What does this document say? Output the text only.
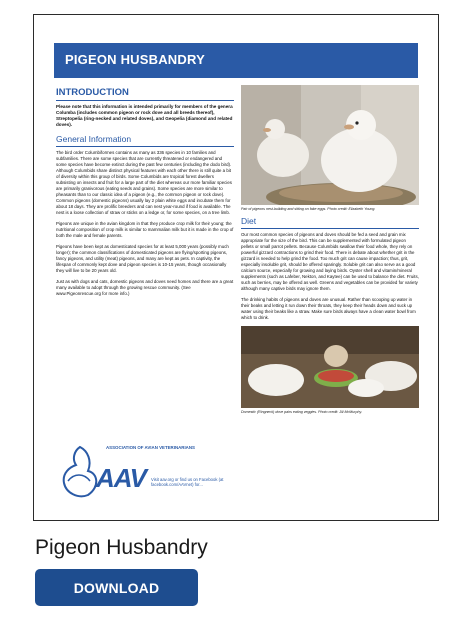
PIGEON HUSBANDRY
INTRODUCTION

Please note that this information is intended primarily for members of the genera Columba (includes common pigeon or rock dove and all breeds thereof), Streptopelia (ring-necked and related doves), and Geopelia (diamond and related doves).

General Information

The bird order Columbiformes contains as many as 336 species in 10 families and subfamilies. There are some species that are currently threatened or endangered and some species have become extinct during the past few centuries (including the dodo bird). Although Columbids share distinct physical features with each other there is still quite a bit of diversity within this group of birds. Some Columbids are tropical forest dwellers subsisting on insects and fruit for a large part of the diet whereas our more familiar species are primarily granivorous (eating seeds and grains). Some species are more similar to pheasants than to our classic idea of a pigeon (e.g., the common pigeon or rock dove). Common pigeons (domestic pigeons) usually lay 2 plain white eggs and incubate them for about 18 days. They are prolific breeders and can nest year-round if food is available. The nest is a loose collection of straw or sticks on a ledge or, for some species, on a tree limb.

Pigeons are unique in the avian kingdom in that they produce crop milk for their young; the nutritional composition of crop milk is similar to mammalian milk but it is made in the crop of both the male and female parents.

Pigeons have been kept as domesticated species for at least 5,000 years (possibly much longer); the common classifications of domesticated pigeons are flying/sporting pigeons, fancy pigeons, and utility (meat) pigeons, and many are kept as pets. In captivity, the lifespan of commonly kept dove and pigeon species is 10-15 years, though occasionally they will live to be 20 years old.

Just as with dogs and cats, domestic pigeons and doves need homes and there are a great many available to adopt through the growing rescue community. (See www.Pigeonrescue.org for more info.)

Pair of pigeons nest-building and sitting on fake eggs. Photo credit: Elizabeth Young.
Diet

Our most common species of pigeons and doves should be fed a seed and grain mix appropriate for the size of the bird. This can be supplemented with formulated pigeon pellets or small parrot pellets. Because Columbids swallow their food whole, they rely on powerful gizzard contractions to grind their food. There is debate about whether grit in the gizzard is needed to help grind the food. Too much grit can cause impaction; thus, grit, especially insoluble grit, should be offered sparingly. Soluble grit can also serve as a good calcium source, especially for growing and laying birds. Oyster shell and vitamin/mineral supplements (such as Lafeber, Nekton, and Kaytee) can be used to balance the diet. Fruits, such as berries, may be offered as well. Greens and vegetables can be provided for variety although many captive birds may ignore them.

The drinking habits of pigeons and doves are unusual. Rather than scooping up water in their beaks and letting it run down their throats, they keep their heads down and suck up water using their beaks like a straw. Make sure birds always have a clean water bowl from which to drink.

Domestic (Ringneck) dove pairs eating veggies. Photo credit: Jill McMurphy.
ASSOCIATION OF AVIAN VETERINARIANS
AAV Visit aav.org or find us on Facebook (at facebook.com/AAVnet) for...
Pigeon Husbandry
DOWNLOAD
